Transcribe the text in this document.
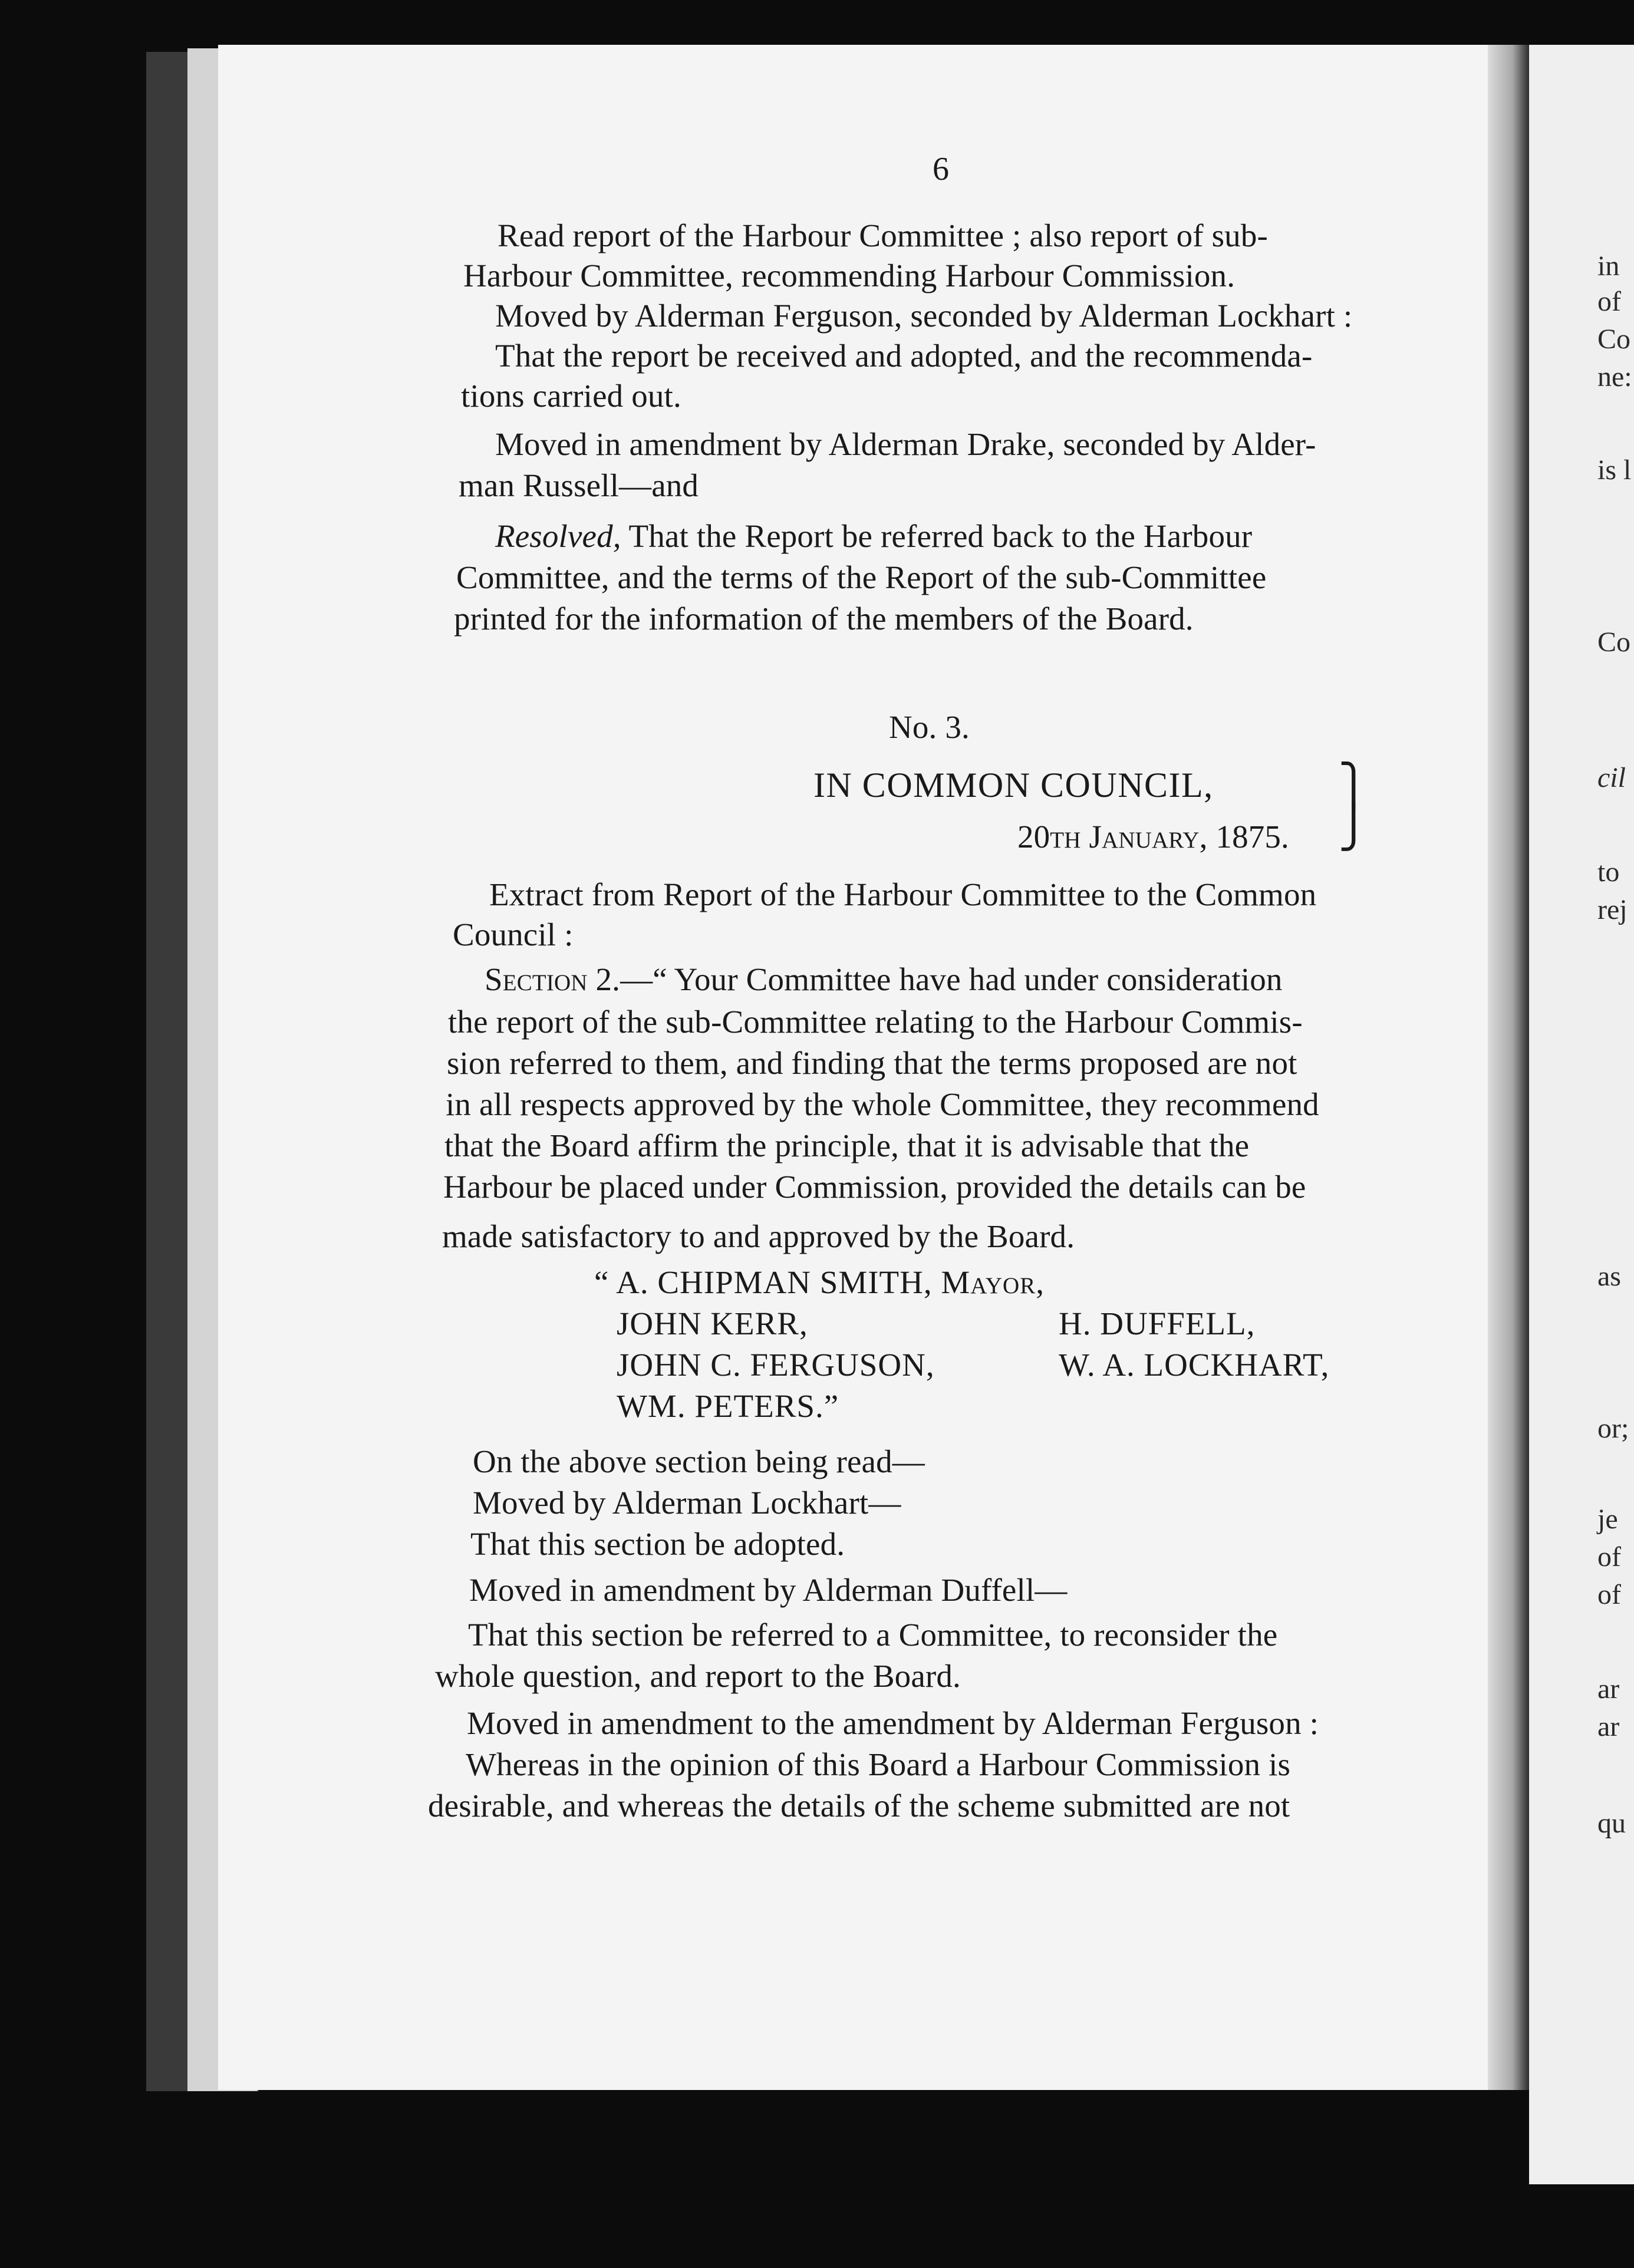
in
of
Co
ne:
is l
Co
cil
to
rej
as
or;
je
of
of
ar
ar
qu
6

Read report of the Harbour Committee ; also report of sub-

Harbour Committee, recommending Harbour Commission.

Moved by Alderman Ferguson, seconded by Alderman Lockhart :

That the report be received and adopted, and the recommenda-

tions carried out.

Moved in amendment by Alderman Drake, seconded by Alder-

man Russell—and

Resolved, That the Report be referred back to the Harbour

Committee, and the terms of the Report of the sub-Committee

printed for the information of the members of the Board.

No. 3.

IN COMMON COUNCIL,

20th January, 1875.

⎫
⎭

Extract from Report of the Harbour Committee to the Common

Council :

Section 2.—“ Your Committee have had under consideration

the report of the sub-Committee relating to the Harbour Commis-

sion referred to them, and finding that the terms proposed are not

in all respects approved by the whole Committee, they recommend

that the Board affirm the principle, that it is advisable that the

Harbour be placed under Commission, provided the details can be

made satisfactory to and approved by the Board.

“ A. CHIPMAN SMITH, Mayor,

JOHN KERR,	H. DUFFELL,

JOHN C. FERGUSON,	W. A. LOCKHART,

WM. PETERS.”

On the above section being read—

Moved by Alderman Lockhart—

That this section be adopted.

Moved in amendment by Alderman Duffell—

That this section be referred to a Committee, to reconsider the

whole question, and report to the Board.

Moved in amendment to the amendment by Alderman Ferguson :

Whereas in the opinion of this Board a Harbour Commission is

desirable, and whereas the details of the scheme submitted are not
